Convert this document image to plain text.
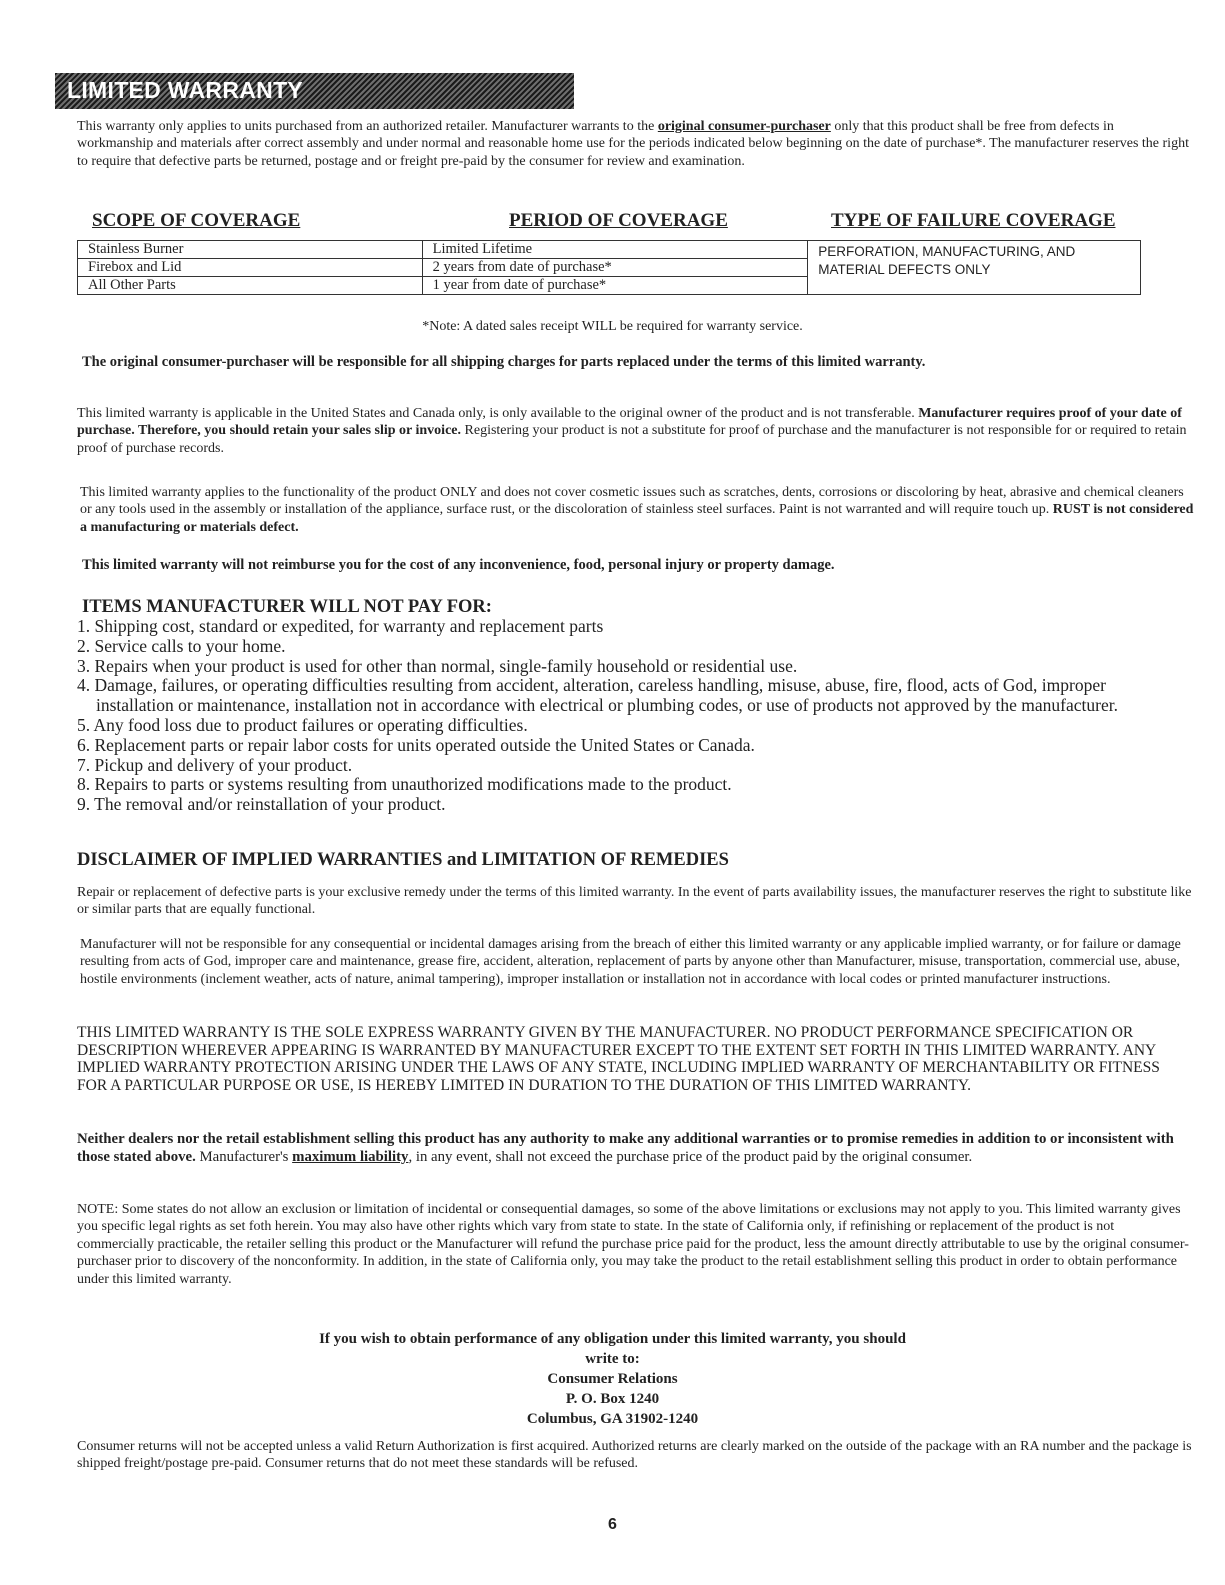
LIMITED WARRANTY

This warranty only applies to units purchased from an authorized retailer. Manufacturer warrants to the original consumer-purchaser only that this product shall be free from defects in workmanship and materials after correct assembly and under normal and reasonable home use for the periods indicated below beginning on the date of purchase*. The manufacturer reserves the right to require that defective parts be returned, postage and or freight pre-paid by the consumer for review and examination.

SCOPE OF COVERAGE	PERIOD OF COVERAGE	TYPE OF FAILURE COVERAGE
Stainless Burner	Limited Lifetime	PERFORATION, MANUFACTURING, AND MATERIAL DEFECTS ONLY
Firebox and Lid	2 years from date of purchase*	
All Other Parts	1 year from date of purchase*	
*Note: A dated sales receipt WILL be required for warranty service.
The original consumer-purchaser will be responsible for all shipping charges for parts replaced under the terms of this limited warranty.

This limited warranty is applicable in the United States and Canada only, is only available to the original owner of the product and is not transferable. Manufacturer requires proof of your date of purchase. Therefore, you should retain your sales slip or invoice. Registering your product is not a substitute for proof of purchase and the manufacturer is not responsible for or required to retain proof of purchase records.

This limited warranty applies to the functionality of the product ONLY and does not cover cosmetic issues such as scratches, dents, corrosions or discoloring by heat, abrasive and chemical cleaners or any tools used in the assembly or installation of the appliance, surface rust, or the discoloration of stainless steel surfaces. Paint is not warranted and will require touch up. RUST is not considered a manufacturing or materials defect.

This limited warranty will not reimburse you for the cost of any inconvenience, food, personal injury or property damage.
ITEMS MANUFACTURER WILL NOT PAY FOR:
1. Shipping cost, standard or expedited, for warranty and replacement parts
2. Service calls to your home.
3. Repairs when your product is used for other than normal, single-family household or residential use.
4. Damage, failures, or operating difficulties resulting from accident, alteration, careless handling, misuse, abuse, fire, flood, acts of God, improper installation or maintenance, installation not in accordance with electrical or plumbing codes, or use of products not approved by the manufacturer.
5. Any food loss due to product failures or operating difficulties.
6. Replacement parts or repair labor costs for units operated outside the United States or Canada.
7. Pickup and delivery of your product.
8. Repairs to parts or systems resulting from unauthorized modifications made to the product.
9. The removal and/or reinstallation of your product.
DISCLAIMER OF IMPLIED WARRANTIES and LIMITATION OF REMEDIES

Repair or replacement of defective parts is your exclusive remedy under the terms of this limited warranty. In the event of parts availability issues, the manufacturer reserves the right to substitute like or similar parts that are equally functional.

Manufacturer will not be responsible for any consequential or incidental damages arising from the breach of either this limited warranty or any applicable implied warranty, or for failure or damage resulting from acts of God, improper care and maintenance, grease fire, accident, alteration, replacement of parts by anyone other than Manufacturer, misuse, transportation, commercial use, abuse, hostile environments (inclement weather, acts of nature, animal tampering), improper installation or installation not in accordance with local codes or printed manufacturer instructions.

THIS LIMITED WARRANTY IS THE SOLE EXPRESS WARRANTY GIVEN BY THE MANUFACTURER. NO PRODUCT PERFORMANCE SPECIFICATION OR DESCRIPTION WHEREVER APPEARING IS WARRANTED BY MANUFACTURER EXCEPT TO THE EXTENT SET FORTH IN THIS LIMITED WARRANTY. ANY IMPLIED WARRANTY PROTECTION ARISING UNDER THE LAWS OF ANY STATE, INCLUDING IMPLIED WARRANTY OF MERCHANTABILITY OR FITNESS FOR A PARTICULAR PURPOSE OR USE, IS HEREBY LIMITED IN DURATION TO THE DURATION OF THIS LIMITED WARRANTY.

Neither dealers nor the retail establishment selling this product has any authority to make any additional warranties or to promise remedies in addition to or inconsistent with those stated above. Manufacturer's maximum liability, in any event, shall not exceed the purchase price of the product paid by the original consumer.

NOTE: Some states do not allow an exclusion or limitation of incidental or consequential damages, so some of the above limitations or exclusions may not apply to you. This limited warranty gives you specific legal rights as set foth herein. You may also have other rights which vary from state to state. In the state of California only, if refinishing or replacement of the product is not commercially practicable, the retailer selling this product or the Manufacturer will refund the purchase price paid for the product, less the amount directly attributable to use by the original consumer-purchaser prior to discovery of the nonconformity. In addition, in the state of California only, you may take the product to the retail establishment selling this product in order to obtain performance under this limited warranty.

If you wish to obtain performance of any obligation under this limited warranty, you should
write to:
Consumer Relations
P. O. Box 1240
Columbus, GA 31902-1240

Consumer returns will not be accepted unless a valid Return Authorization is first acquired. Authorized returns are clearly marked on the outside of the package with an RA number and the package is shipped freight/postage pre-paid. Consumer returns that do not meet these standards will be refused.

6
